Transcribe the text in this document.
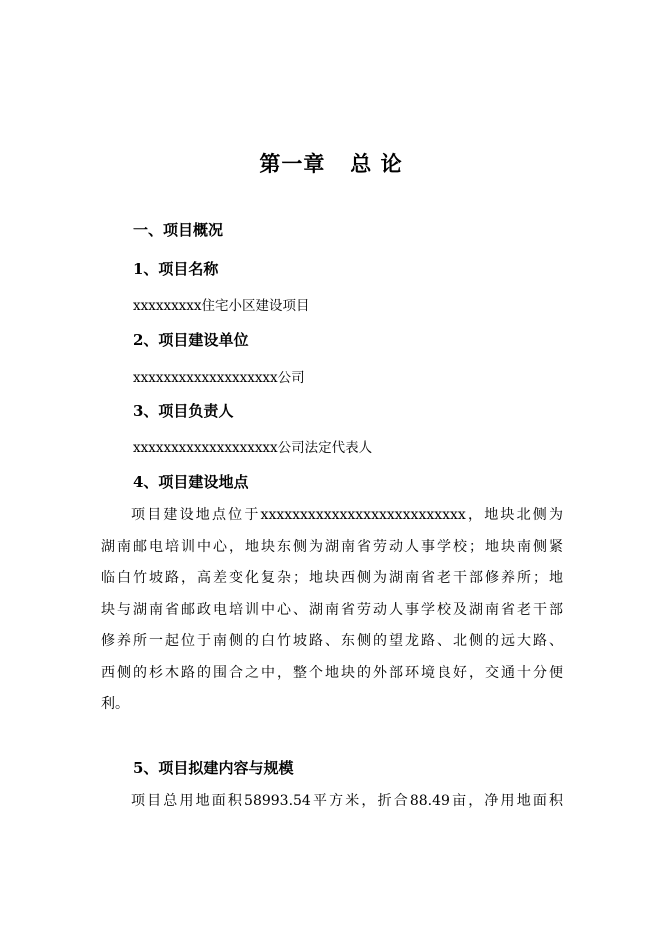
第一章   总 论
一、项目概况
1、项目名称
xxxxxxxxx住宅小区建设项目
2、项目建设单位
xxxxxxxxxxxxxxxxxxx公司
3、项目负责人
xxxxxxxxxxxxxxxxxxx公司法定代表人
4、项目建设地点
项目建设地点位于xxxxxxxxxxxxxxxxxxxxxxxxxx，地块北侧为
湖南邮电培训中心，地块东侧为湖南省劳动人事学校；地块南侧紧
临白竹坡路，高差变化复杂；地块西侧为湖南省老干部修养所；地
块与湖南省邮政电培训中心、湖南省劳动人事学校及湖南省老干部
修养所一起位于南侧的白竹坡路、东侧的望龙路、北侧的远大路、
西侧的杉木路的围合之中，整个地块的外部环境良好，交通十分便
利。
5、项目拟建内容与规模
项目总用地面积58993.54平方米，折合88.49亩，净用地面积
